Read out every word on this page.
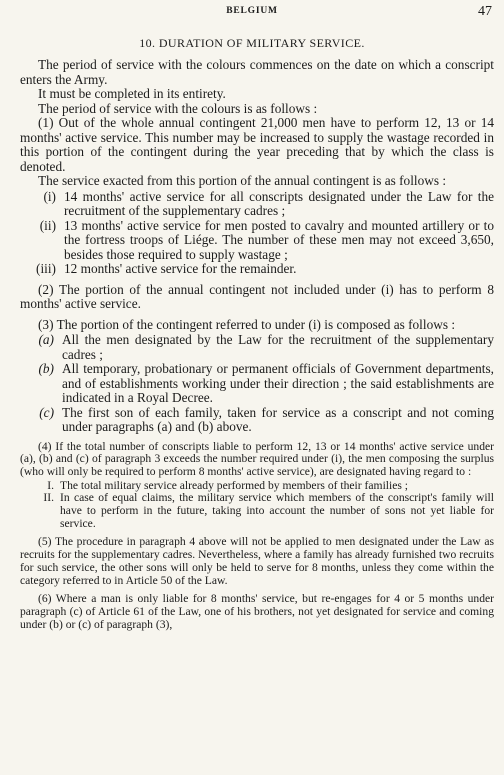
BELGIUM	47
10. DURATION OF MILITARY SERVICE.

The period of service with the colours commences on the date on which a conscript enters the Army.

It must be completed in its entirety.

The period of service with the colours is as follows :

(1) Out of the whole annual contingent 21,000 men have to perform 12, 13 or 14 months' active service. This number may be increased to supply the wastage recorded in this portion of the contingent during the year preceding that by which the class is denoted.

The service exacted from this portion of the annual contingent is as follows :

(i) 14 months' active service for all conscripts designated under the Law for the recruitment of the supplementary cadres ;
(ii) 13 months' active service for men posted to cavalry and mounted artillery or to the fortress troops of Liége. The number of these men may not exceed 3,650, besides those required to supply wastage ;
(iii) 12 months' active service for the remainder.

(2) The portion of the annual contingent not included under (i) has to perform 8 months' active service.

(3) The portion of the contingent referred to under (i) is composed as follows :

(a) All the men designated by the Law for the recruitment of the supplementary cadres ;
(b) All temporary, probationary or permanent officials of Government departments, and of establishments working under their direction ; the said establishments are indicated in a Royal Decree.
(c) The first son of each family, taken for service as a conscript and not coming under paragraphs (a) and (b) above.

(4) If the total number of conscripts liable to perform 12, 13 or 14 months' active service under (a), (b) and (c) of paragraph 3 exceeds the number required under (i), the men composing the surplus (who will only be required to perform 8 months' active service), are designated having regard to :

I. The total military service already performed by members of their families ;
II. In case of equal claims, the military service which members of the conscript's family will have to perform in the future, taking into account the number of sons not yet liable for service.

(5) The procedure in paragraph 4 above will not be applied to men designated under the Law as recruits for the supplementary cadres. Nevertheless, where a family has already furnished two recruits for such service, the other sons will only be held to serve for 8 months, unless they come within the category referred to in Article 50 of the Law.

(6) Where a man is only liable for 8 months' service, but re-engages for 4 or 5 months under paragraph (c) of Article 61 of the Law, one of his brothers, not yet designated for service and coming under (b) or (c) of paragraph (3),
